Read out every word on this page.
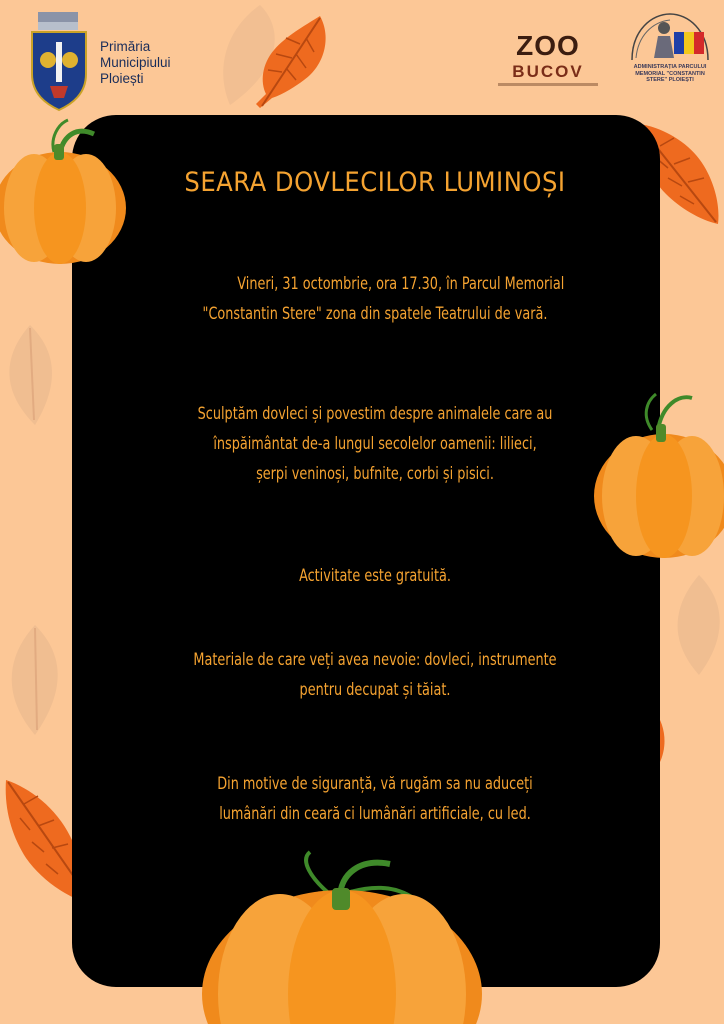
Primăria
Municipiului
Ploiești
ZOO
BUCOV	ADMINISTRAȚIA PARCULUI MEMORIAL "CONSTANTIN STERE" PLOIEȘTI
SEARA DOVLECILOR LUMINOȘI
Vineri, 31 octombrie, ora 17.30, în Parcul Memorial
"Constantin Stere" zona din spatele Teatrului de vară.
Sculptăm dovleci și povestim despre animalele care au
înspăimântat de-a lungul secolelor oamenii: lilieci,
șerpi veninoși, bufnite, corbi și pisici.
Activitate este gratuită.
Materiale de care veți avea nevoie: dovleci, instrumente
pentru decupat și tăiat.
Din motive de siguranță, vă rugăm sa nu aduceți
lumânări din ceară ci lumânări artificiale, cu led.
